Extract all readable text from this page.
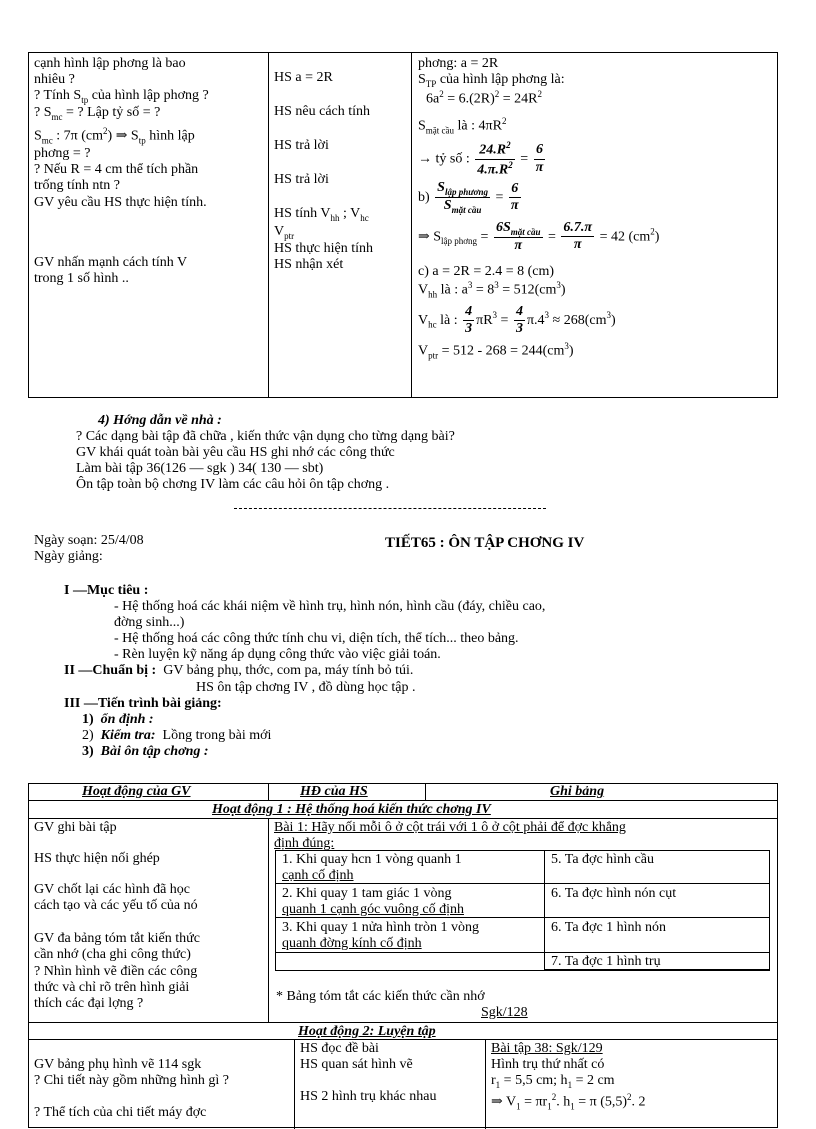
cạnh hình lập phơng là bao
nhiêu ?
? Tính $S_{tp}$ của hình lập phơng ?
? $S_{mc}$ = ? Lập tỷ số = ?
$S_{mc}$ : 7π $(cm^2)$ ⇒ $S_{tp}$ hình lập
phơng = ?
? Nếu R = 4 cm thể tích phần
trống tính ntn ?
GV yêu cầu HS thực hiện tính.
GV nhấn mạnh cách tính V
trong 1 số hình ..
HS a = 2R
HS nêu cách tính
HS trả lời
HS trả lời
HS tính $V_{hh}$ ; $V_{hc}$
$V_{ptr}$
HS thực hiện tính
HS nhận xét
phơng: a = 2R
$S_{TP}$ của hình lập phơng là:
$6a^2 = 6.(2R)^2 = 24R^2$
$S_{mặt cầu}$ là : $4\pi R^2$
→ tỷ số : $\frac{24.R^2}{4.\pi.R^2} = \frac{6}{\pi}$
$b) \frac{S_{lập phương}}{S_{mặt cầu}} = \frac{6}{\pi}$
⇒ $S_{lập phơng} = \frac{6S_{mặt cầu}}{\pi} = \frac{6.7.\pi}{\pi} = 42$ $(cm^2)$
c) a = 2R = 2.4 = 8 (cm)
$V_{hh}$ là : $a^3 = 8^3 = 512(cm^3)$
$V_{hc}$ là : $\frac{4}{3} \pi R^3 = \frac{4}{3} \pi.4^3 \approx 268(cm^3)$
$V_{ptr} = 512 - 268 = 244(cm^3)$
4) Hớng dẫn về nhà :
? Các dạng bài tập đã chữa , kiến thức vận dụng cho từng dạng bài?
GV khái quát toàn bài yêu cầu HS ghi nhớ các công thức
Làm bài tập 36(126 — sgk ) 34( 130 — sbt)
Ôn tập toàn bộ chơng IV làm các câu hỏi ôn tập chơng .
Ngày soạn: 25/4/08
Ngày giảng:
TIẾT65 : ÔN TẬP CHƠNG IV
I —Mục tiêu :
- Hệ thống hoá các khái niệm về hình trụ, hình nón, hình cầu (đáy, chiều cao,
đờng sinh...)
- Hệ thống hoá các công thức tính chu vi, diện tích, thể tích... theo bảng.
- Rèn luyện kỹ năng áp dụng công thức vào việc giải toán.
II —Chuẩn bị : GV bảng phụ, thớc, com pa, máy tính bỏ túi.
HS ôn tập chơng IV , đồ dùng học tập .
III —Tiến trình bài giảng:
1) ổn định :
2) Kiểm tra: Lồng trong bài mới
3) Bài ôn tập chơng :
Hoạt động của GV	HĐ của HS	Ghi bảng
Hoạt động 1 : Hệ thống hoá kiến thức chơng IV
GV ghi bài tập
HS thực hiện nối ghép
GV chốt lại các hình đã học
cách tạo và các yếu tố của nó
GV đa bảng tóm tắt kiến thức
cần nhớ (cha ghi công thức)
? Nhìn hình vẽ điền các công
thức và chỉ rõ trên hình giải
thích các đại lợng ?
Bài 1: Hãy nối mỗi ô ở cột trái với 1 ô ở cột phải để đợc khẳng
định đúng:
1. Khi quay hcn 1 vòng quanh 1
cạnh cố định
2. Khi quay 1 tam giác 1 vòng
quanh 1 cạnh góc vuông cố định
3. Khi quay 1 nửa hình tròn 1 vòng
quanh đờng kính cố định
5. Ta đợc hình cầu
6. Ta đợc hình nón cụt
6. Ta đợc 1 hình nón
7. Ta đợc 1 hình trụ
* Bảng tóm tắt các kiến thức cần nhớ
Sgk/128
Hoạt động 2: Luyện tập
GV bảng phụ hình vẽ 114 sgk
? Chi tiết này gồm những hình gì ?
? Thể tích của chi tiết máy đợc
HS đọc đề bài
HS quan sát hình vẽ
HS 2 hình trụ khác nhau
Bài tập 38: Sgk/129
Hình trụ thứ nhất có
$r_1 = 5,5$ cm; $h_1 = 2$ cm
⇒ $V_1 = \pi r_1^2$. $h_1 = \pi$ $(5,5)^2$. 2
